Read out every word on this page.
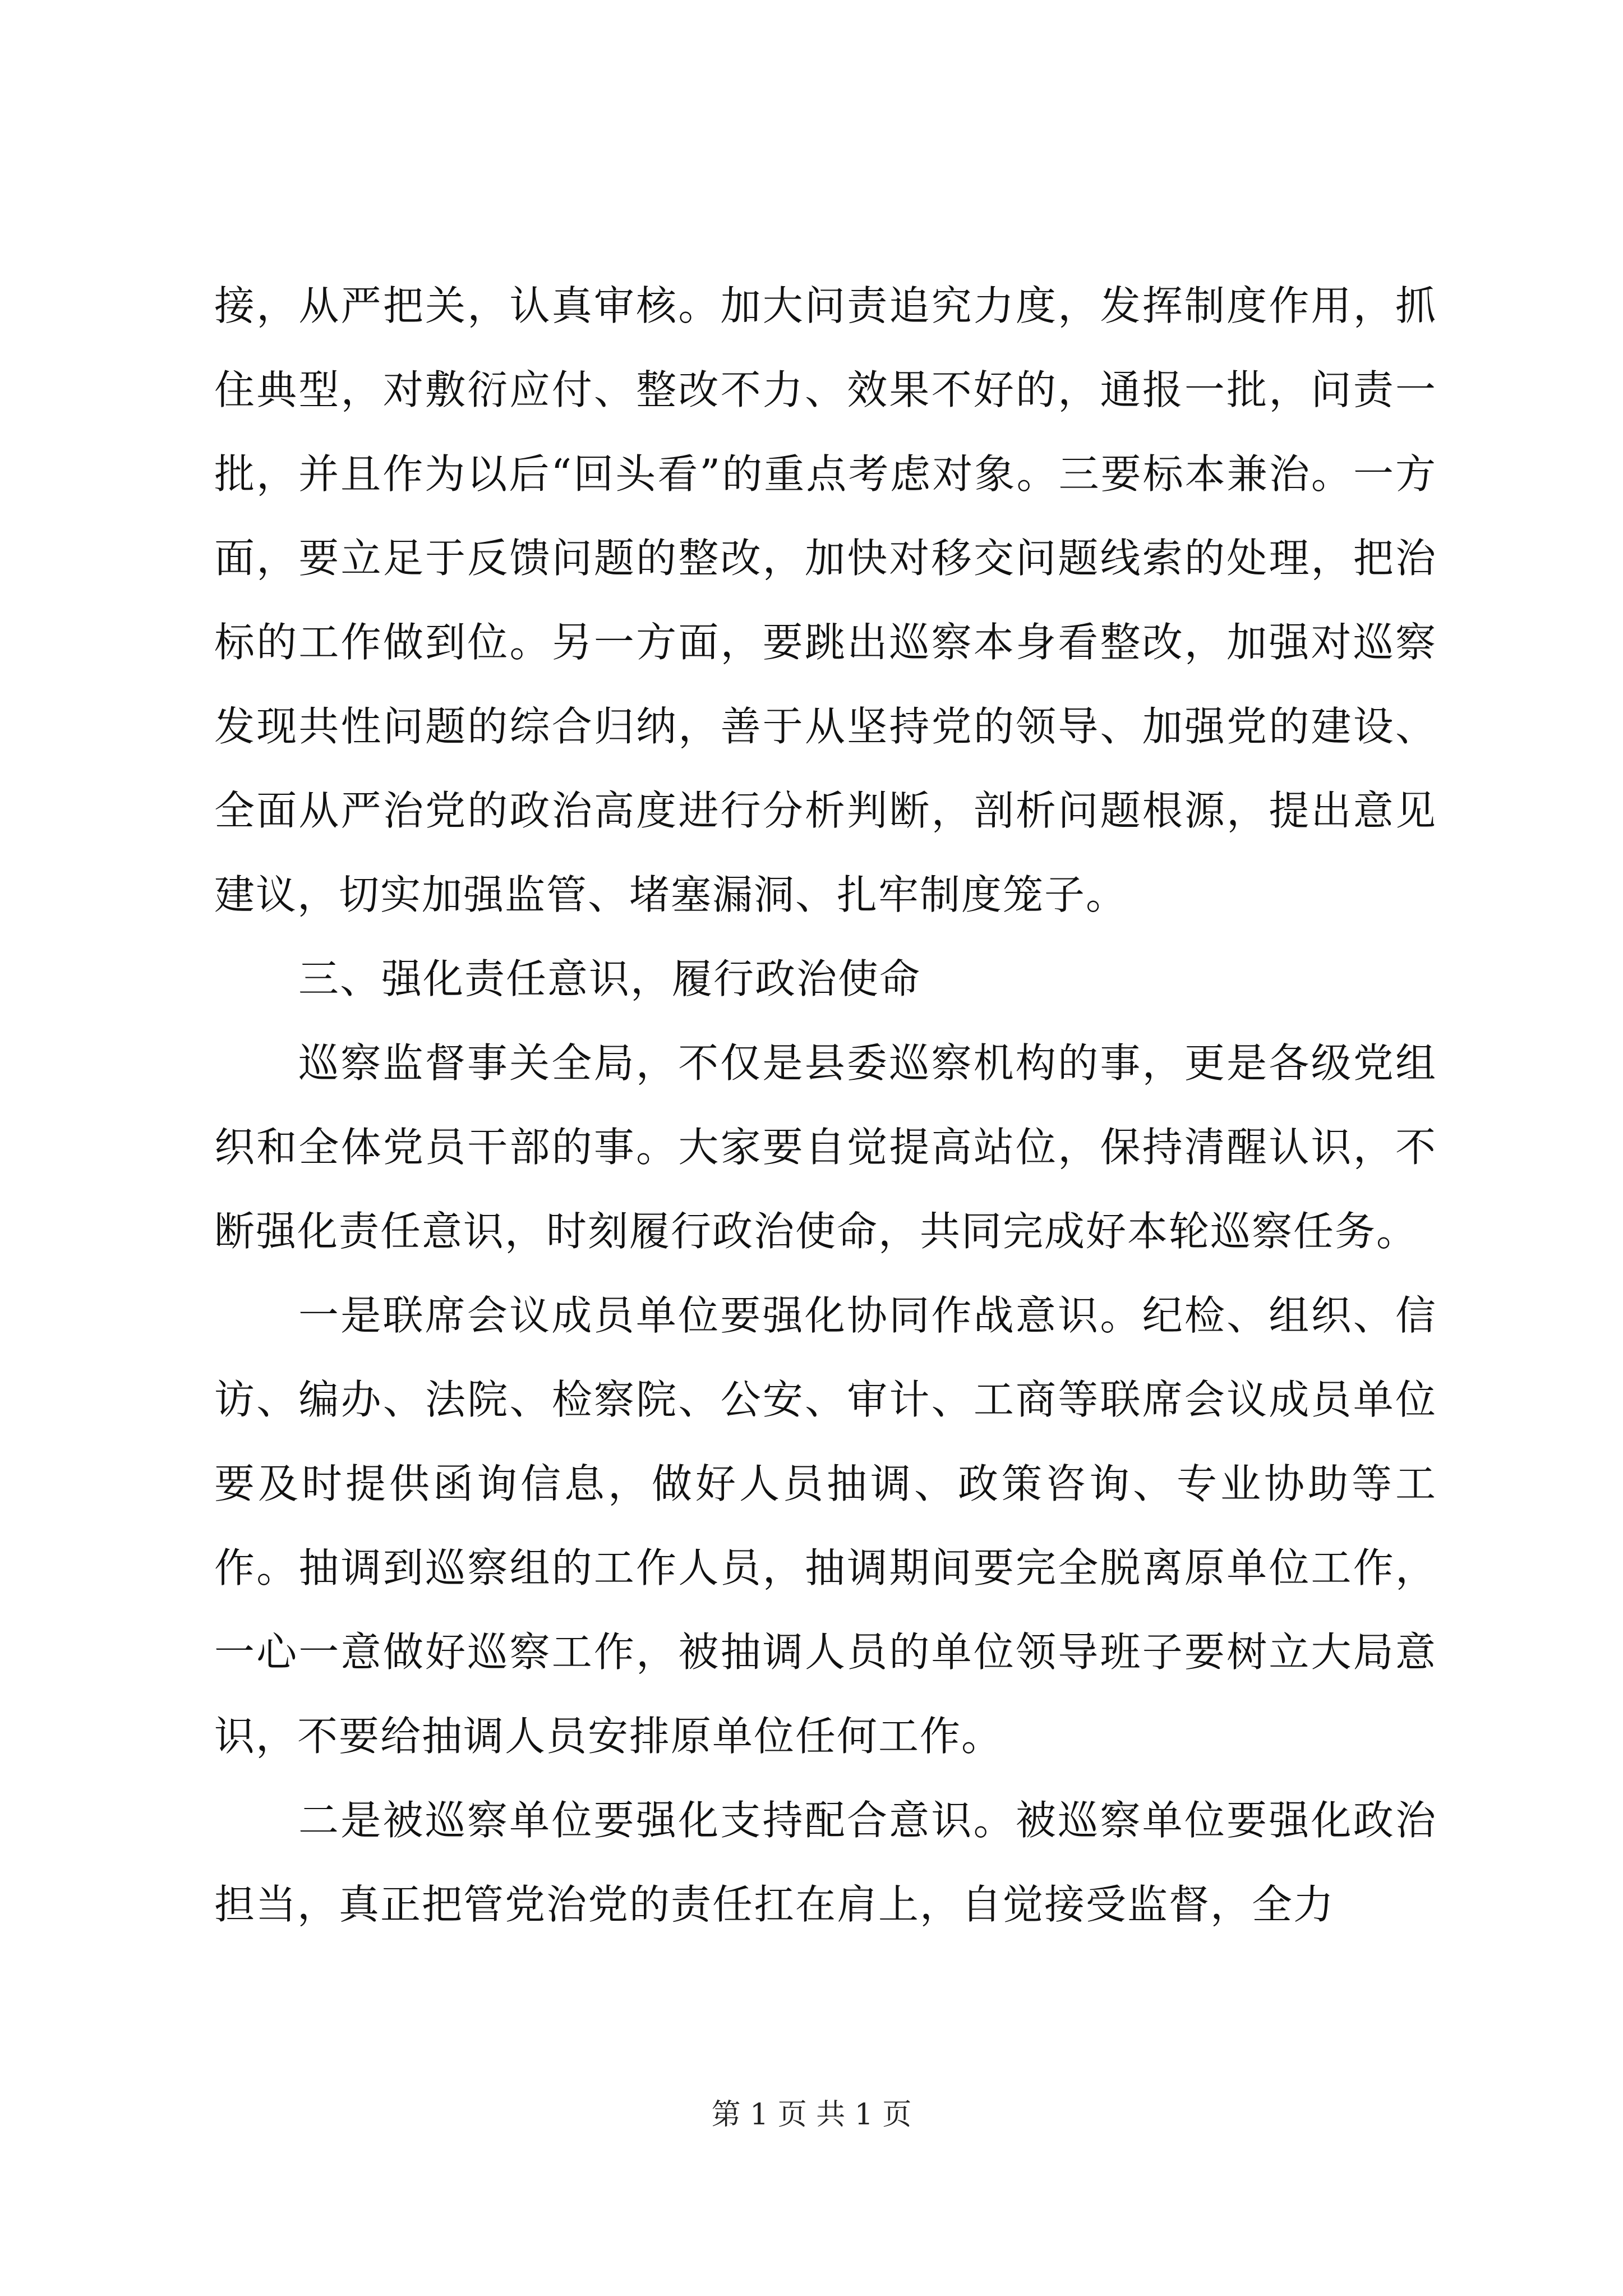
接，从严把关，认真审核。加大问责追究力度，发挥制度作用，抓住典型，对敷衍应付、整改不力、效果不好的，通报一批，问责一批，并且作为以后“回头看”的重点考虑对象。三要标本兼治。一方面，要立足于反馈问题的整改，加快对移交问题线索的处理，把治标的工作做到位。另一方面，要跳出巡察本身看整改，加强对巡察发现共性问题的综合归纳，善于从坚持党的领导、加强党的建设、全面从严治党的政治高度进行分析判断，剖析问题根源，提出意见建议，切实加强监管、堵塞漏洞、扎牢制度笼子。

三、强化责任意识，履行政治使命

巡察监督事关全局，不仅是县委巡察机构的事，更是各级党组织和全体党员干部的事。大家要自觉提高站位，保持清醒认识，不断强化责任意识，时刻履行政治使命，共同完成好本轮巡察任务。

一是联席会议成员单位要强化协同作战意识。纪检、组织、信访、编办、法院、检察院、公安、审计、工商等联席会议成员单位要及时提供函询信息，做好人员抽调、政策咨询、专业协助等工作。抽调到巡察组的工作人员，抽调期间要完全脱离原单位工作，一心一意做好巡察工作，被抽调人员的单位领导班子要树立大局意识，不要给抽调人员安排原单位任何工作。

二是被巡察单位要强化支持配合意识。被巡察单位要强化政治担当，真正把管党治党的责任扛在肩上，自觉接受监督，全力

第 1 页 共 1 页
